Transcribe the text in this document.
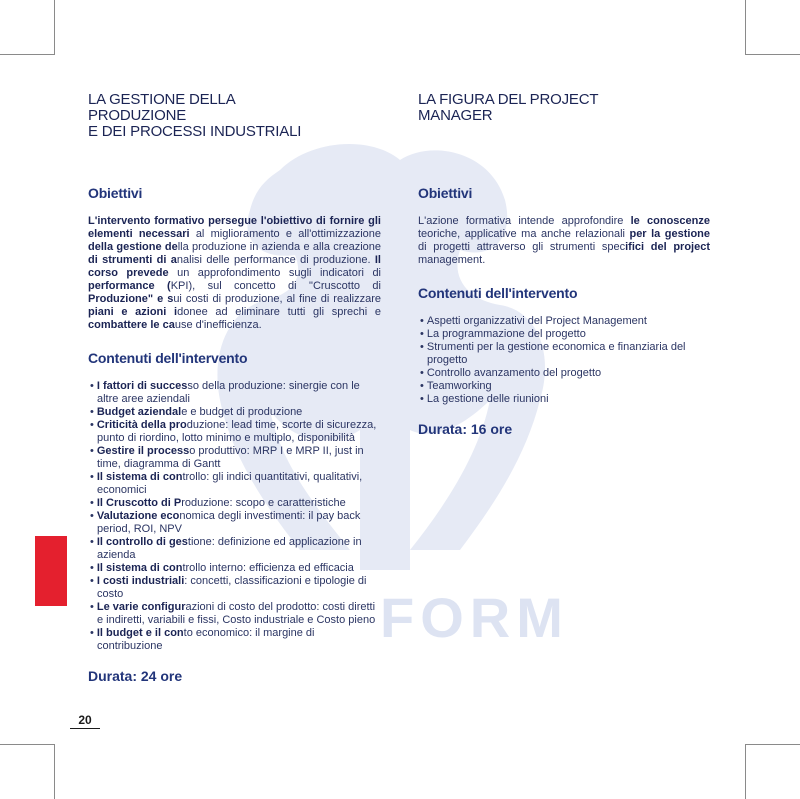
FORM
LA GESTIONE DELLA
PRODUZIONE
E DEI PROCESSI INDUSTRIALI
Obiettivi

L'intervento formativo persegue l'obiettivo di fornire gli elementi necessari al miglioramento e all'ottimizzazione della gestione della produzione in azienda e alla creazione di strumenti di analisi delle performance di produzione. Il corso prevede un approfondimento sugli indicatori di performance (KPI), sul concetto di "Cruscotto di Produzione" e sui costi di produzione, al fine di realizzare piani e azioni idonee ad eliminare tutti gli sprechi e combattere le cause d'inefficienza.

Contenuti dell'intervento
• I fattori di successo della produzione: sinergie con le altre aree aziendali
• Budget aziendale e budget di produzione
• Criticità della produzione: lead time, scorte di sicurezza, punto di riordino, lotto minimo e multiplo, disponibilità
• Gestire il processo produttivo: MRP I e MRP II, just in time, diagramma di Gantt
• Il sistema di controllo: gli indici quantitativi, qualitativi, economici
• Il Cruscotto di Produzione: scopo e caratteristiche
• Valutazione economica degli investimenti: il pay back period, ROI, NPV
• Il controllo di gestione: definizione ed applicazione in azienda
• Il sistema di controllo interno: efficienza ed efficacia
• I costi industriali: concetti, classificazioni e tipologie di costo
• Le varie configurazioni di costo del prodotto: costi diretti e indiretti, variabili e fissi, Costo industriale e Costo pieno
• Il budget e il conto economico: il margine di contribuzione

Durata: 24 ore

LA FIGURA DEL PROJECT
MANAGER
Obiettivi

L'azione formativa intende approfondire le conoscenze teoriche, applicative ma anche relazionali per la gestione di progetti attraverso gli strumenti specifici del project management.

Contenuti dell'intervento
• Aspetti organizzativi del Project Management
• La programmazione del progetto
• Strumenti per la gestione economica e finanziaria del progetto
• Controllo avanzamento del progetto
• Teamworking
• La gestione delle riunioni

Durata: 16 ore

20
